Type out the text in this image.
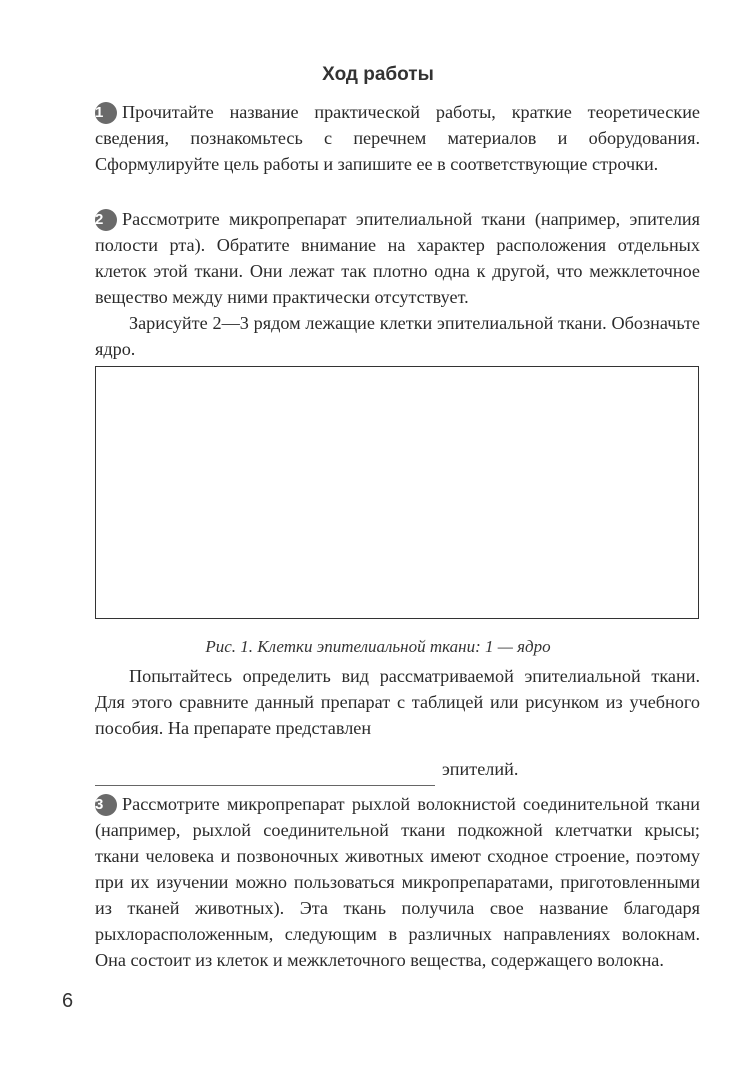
Ход работы
1 Прочитайте название практической работы, краткие теоретические сведения, познакомьтесь с перечнем материалов и оборудования. Сформулируйте цель работы и запишите ее в соответствующие строчки.
2 Рассмотрите микропрепарат эпителиальной ткани (например, эпителия полости рта). Обратите внимание на характер расположения отдельных клеток этой ткани. Они лежат так плотно одна к другой, что межклеточное вещество между ними практически отсутствует.
Зарисуйте 2—3 рядом лежащие клетки эпителиальной ткани. Обозначьте ядро.
Рис. 1. Клетки эпителиальной ткани: 1 — ядро
Попытайтесь определить вид рассматриваемой эпителиальной ткани. Для этого сравните данный препарат с таблицей или рисунком из учебного пособия. На препарате представлен
эпителий.
3 Рассмотрите микропрепарат рыхлой волокнистой соединительной ткани (например, рыхлой соединительной ткани подкожной клетчатки крысы; ткани человека и позвоночных животных имеют сходное строение, поэтому при их изучении можно пользоваться микропрепаратами, приготовленными из тканей животных). Эта ткань получила свое название благодаря рыхлорасположенным, следующим в различных направлениях волокнам. Она состоит из клеток и межклеточного вещества, содержащего волокна.
6
